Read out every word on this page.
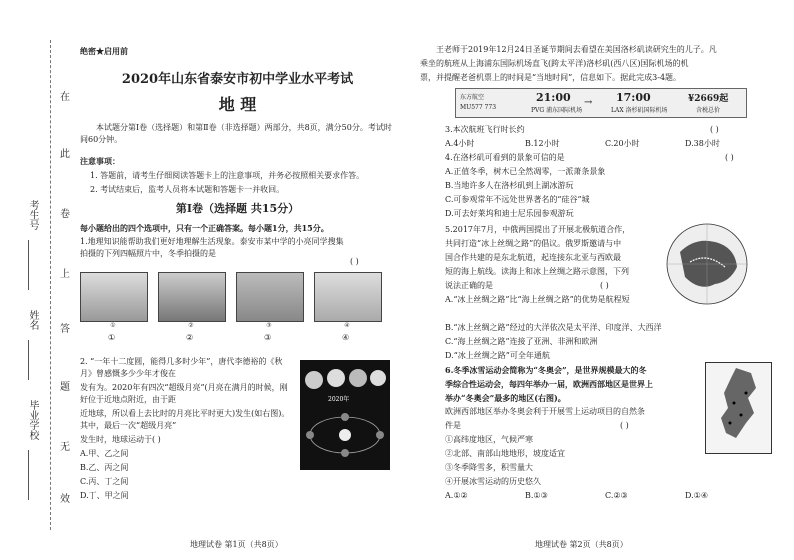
在
此
卷
上
答
题
无
效
考生号
姓名
毕业学校
绝密★启用前
2020年山东省泰安市初中学业水平考试
地 理
本试题分第Ⅰ卷（选择题）和第Ⅱ卷（非选择题）两部分，共8页，满分50分。考试时间60分钟。
注意事项：
1. 答题前，请考生仔细阅读答题卡上的注意事项，并务必按照相关要求作答。
2. 考试结束后，监考人员将本试题和答题卡一并收回。
第Ⅰ卷（选择题 共15分）
每小题给出的四个选项中，只有一个正确答案。每小题1分，共15分。
1.地理知识能帮助我们更好地理解生活现象。泰安市某中学的小亮同学搜集拍摄的下列四幅照片中，冬季拍摄的是
( )
①	②	③	④
①	②	③	④
2. “一年十二度圆，能得几多时少年”，唐代李德裕的《秋月》曾感慨多少少年才俊在
发有为。2020年有四次“超级月亮”(月亮在满月的时候，刚好位于近地点附近，由于距
近地球，所以看上去比时的月亮比平时更大)发生(如右图)。其中，最后一次“超级月亮”
发生时，地球运动于( )
A.甲、乙之间
B.乙、丙之间
C.丙、丁之间
D.丁、甲之间
2020年
地理试卷 第1页（共8页）
王老师于2019年12月24日圣诞节期间去看望在美国洛杉矶读研究生的儿子。凡
乘坐的航班从上海浦东国际机场直飞(跨太平洋)洛杉矶(西八区)国际机场的机
票，并提醒老爸机票上的时间是“当地时间”，信息如下。据此完成3-4题。
东方航空
MU577 773
21:00
PVG 浦东国际机场
→ 17:00
LAX 洛杉矶国际机场
¥2669起
含税总价
3.本次航班飞行时长约	( )
A.4小时	B.12小时	C.20小时	D.38小时
4.在洛杉矶可看到的景象可信的是	( )
A.正值冬季，树木已全然凋零，一派萧条景象
B.当地许多人在洛杉矶到上湖冰游玩
C.可参观常年不远处世界著名的“硅谷”城
D.可去好莱坞和迪士尼乐园参观游玩
5.2017年7月，中俄两国提出了开展北极航道合作，
共同打造“冰上丝绸之路”的倡议。俄罗斯邀请与中
国合作共建的是东北航道，起连接东北亚与西欧最
短的海上航线。读海上和冰上丝绸之路示意图，下列
说法正确的是	( )
A.“冰上丝绸之路”比“海上丝绸之路”的优势是航程短
B.“冰上丝绸之路”经过的大洋依次是太平洋、印度洋、大西洋
C.“海上丝绸之路”连接了亚洲、非洲和欧洲
D.“冰上丝绸之路”可全年通航
6.冬季冰雪运动会简称为“冬奥会”，是世界规模最大的冬
季综合性运动会，每四年举办一届，欧洲西部地区是世界上
举办“冬奥会”最多的地区(右图)。
欧洲西部地区举办冬奥会利于开展雪上运动项目的自然条
件是	( )
①高纬度地区，气候严寒
②北部、南部山地地形，坡度适宜
③冬季降雪多，积雪量大
④开展冰雪运动的历史悠久
A.①②	B.①③	C.②③	D.①④
地理试卷 第2页（共8页）
